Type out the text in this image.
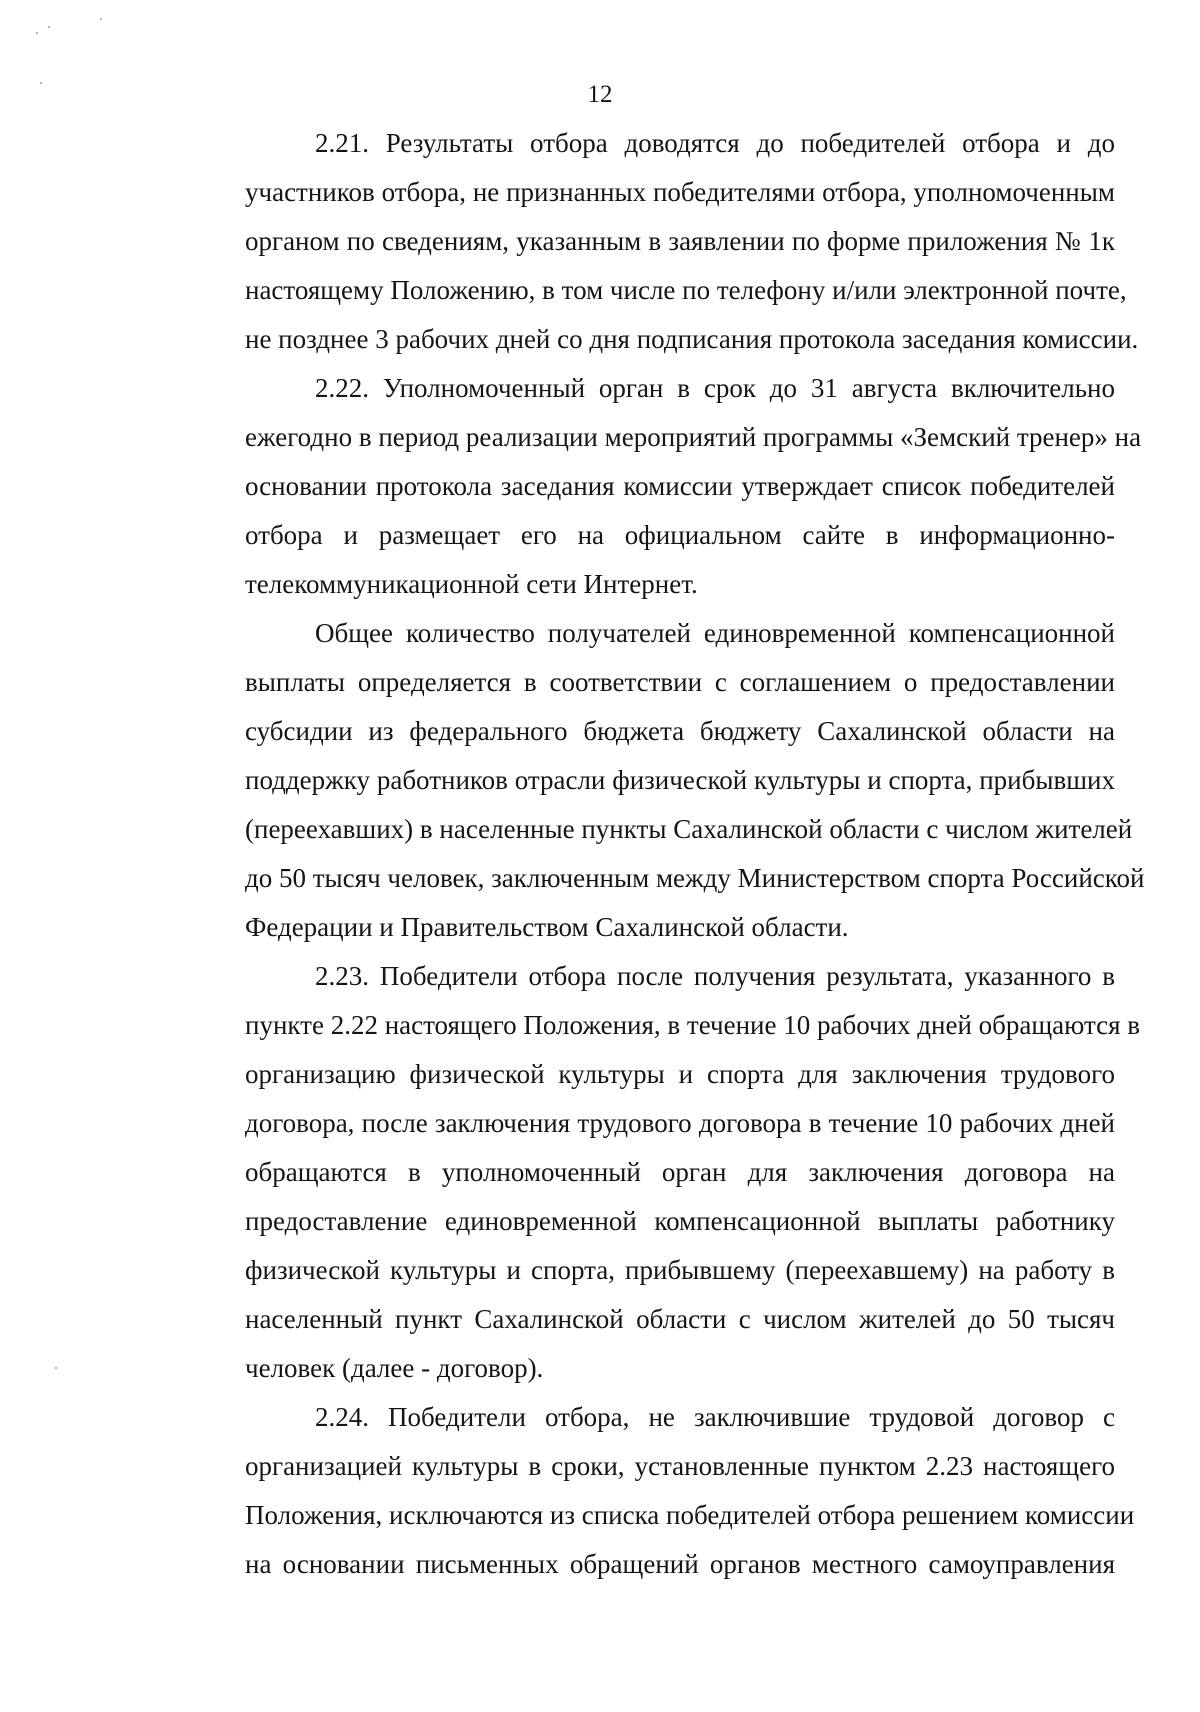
12
2.21. Результаты отбора доводятся до победителей отбора и до
участников отбора, не признанных победителями отбора, уполномоченным
органом по сведениям, указанным в заявлении по форме приложения № 1к
настоящему Положению, в том числе по телефону и/или электронной почте,
не позднее 3 рабочих дней со дня подписания протокола заседания комиссии.
2.22. Уполномоченный орган в срок до 31 августа включительно
ежегодно в период реализации мероприятий программы «Земский тренер» на
основании протокола заседания комиссии утверждает список победителей
отбора и размещает его на официальном сайте в информационно-
телекоммуникационной сети Интернет.
Общее количество получателей единовременной компенсационной
выплаты определяется в соответствии с соглашением о предоставлении
субсидии из федерального бюджета бюджету Сахалинской области на
поддержку работников отрасли физической культуры и спорта, прибывших
(переехавших) в населенные пункты Сахалинской области с числом жителей
до 50 тысяч человек, заключенным между Министерством спорта Российской
Федерации и Правительством Сахалинской области.
2.23. Победители отбора после получения результата, указанного в
пункте 2.22 настоящего Положения, в течение 10 рабочих дней обращаются в
организацию физической культуры и спорта для заключения трудового
договора, после заключения трудового договора в течение 10 рабочих дней
обращаются в уполномоченный орган для заключения договора на
предоставление единовременной компенсационной выплаты работнику
физической культуры и спорта, прибывшему (переехавшему) на работу в
населенный пункт Сахалинской области с числом жителей до 50 тысяч
человек (далее - договор).
2.24. Победители отбора, не заключившие трудовой договор с
организацией культуры в сроки, установленные пунктом 2.23 настоящего
Положения, исключаются из списка победителей отбора решением комиссии
на основании письменных обращений органов местного самоуправления
